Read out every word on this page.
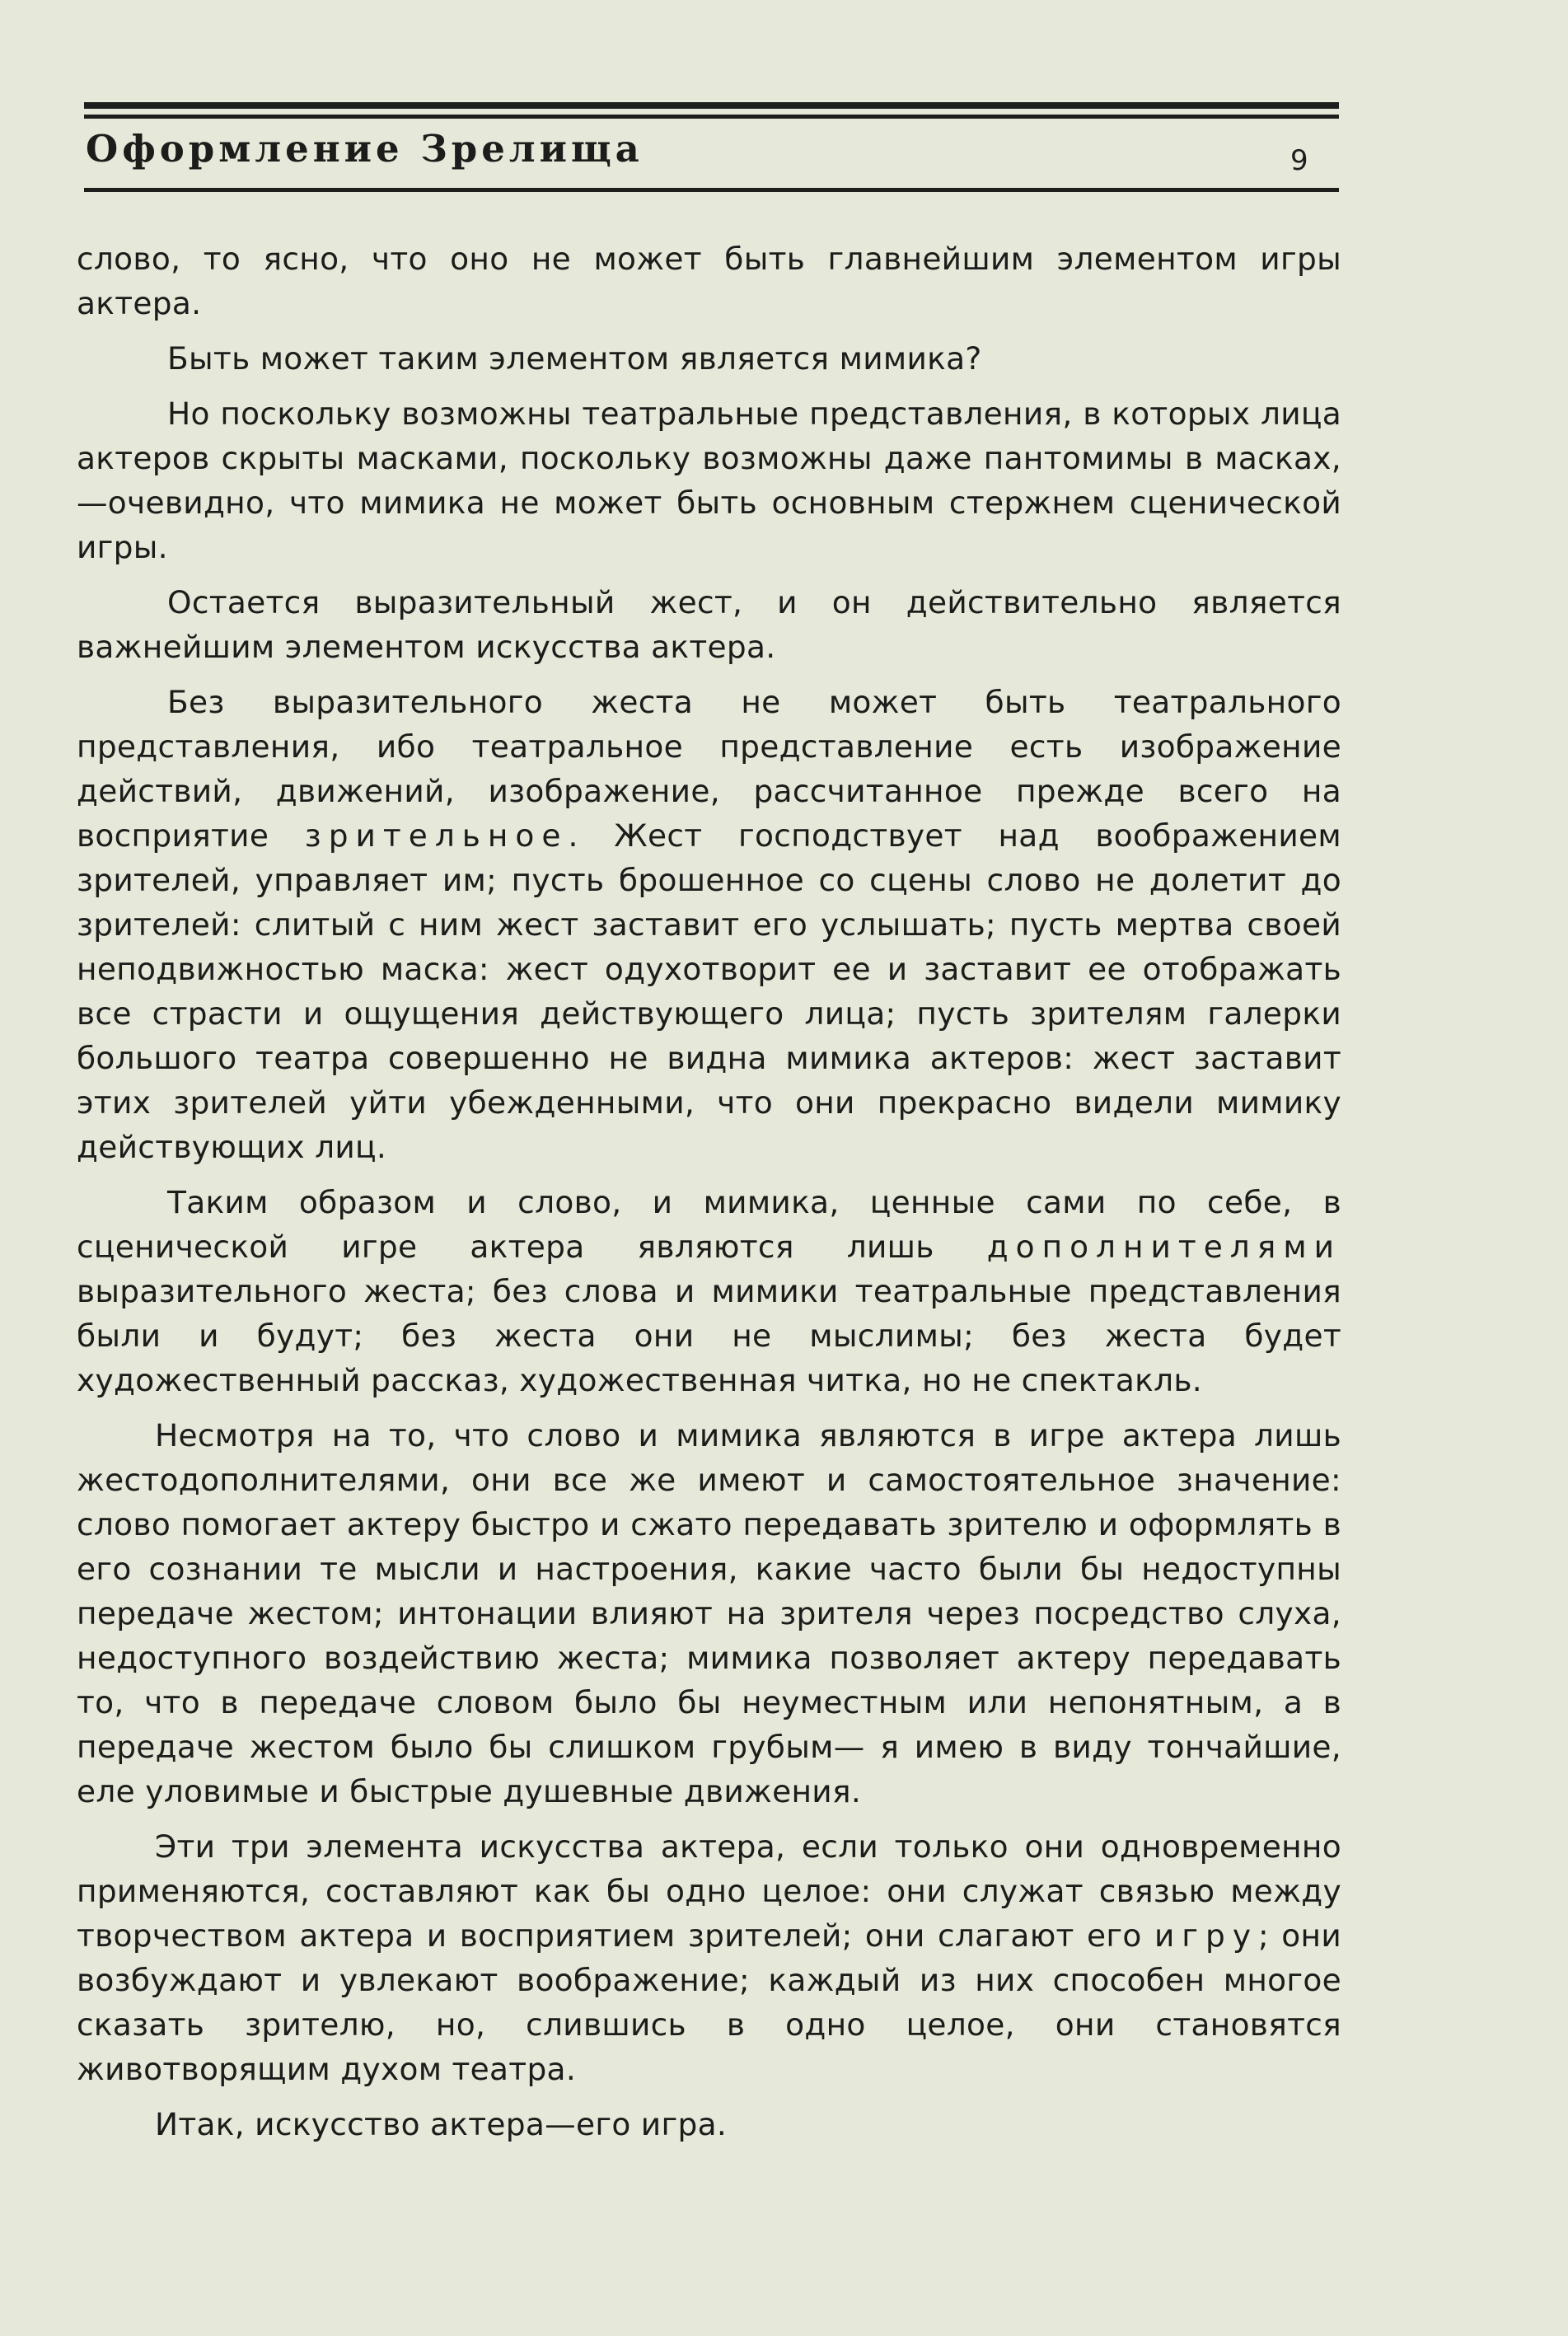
Оформление Зрелища	9

слово, то ясно, что оно не может быть главнейшим элементом игры актера.

Быть может таким элементом является мимика?

Но поскольку возможны театральные представления, в которых лица актеров скрыты масками, поскольку возможны даже пантомимы в масках,—очевидно, что мимика не может быть основным стержнем сценической игры.

Остается выразительный жест, и он действительно является важнейшим элементом искусства актера.

Без выразительного жеста не может быть театрального представления, ибо театральное представление есть изображение действий, движений, изображение, рассчитанное прежде всего на восприятие зрительное. Жест господствует над воображением зрителей, управляет им; пусть брошенное со сцены слово не долетит до зрителей: слитый с ним жест заставит его услышать; пусть мертва своей неподвижностью маска: жест одухотворит ее и заставит ее отображать все страсти и ощущения действующего лица; пусть зрителям галерки большого театра совершенно не видна мимика актеров: жест заставит этих зрителей уйти убежденными, что они прекрасно видели мимику действующих лиц.

Таким образом и слово, и мимика, ценные сами по себе, в сценической игре актера являются лишь дополнителями выразительного жеста; без слова и мимики театральные представления были и будут; без жеста они не мыслимы; без жеста будет художественный рассказ, художественная читка, но не спектакль.

Несмотря на то, что слово и мимика являются в игре актера лишь жестодополнителями, они все же имеют и самостоятельное значение: слово помогает актеру быстро и сжато передавать зрителю и оформлять в его сознании те мысли и настроения, какие часто были бы недоступны передаче жестом; интонации влияют на зрителя через посредство слуха, недоступного воздействию жеста; мимика позволяет актеру передавать то, что в передаче словом было бы неуместным или непонятным, а в передаче жестом было бы слишком грубым— я имею в виду тончайшие, еле уловимые и быстрые душевные движения.

Эти три элемента искусства актера, если только они одновременно применяются, составляют как бы одно целое: они служат связью между творчеством актера и восприятием зрителей; они слагают его игру; они возбуждают и увлекают воображение; каждый из них способен многое сказать зрителю, но, слившись в одно целое, они становятся животворящим духом театра.

Итак, искусство актера—его игра.
